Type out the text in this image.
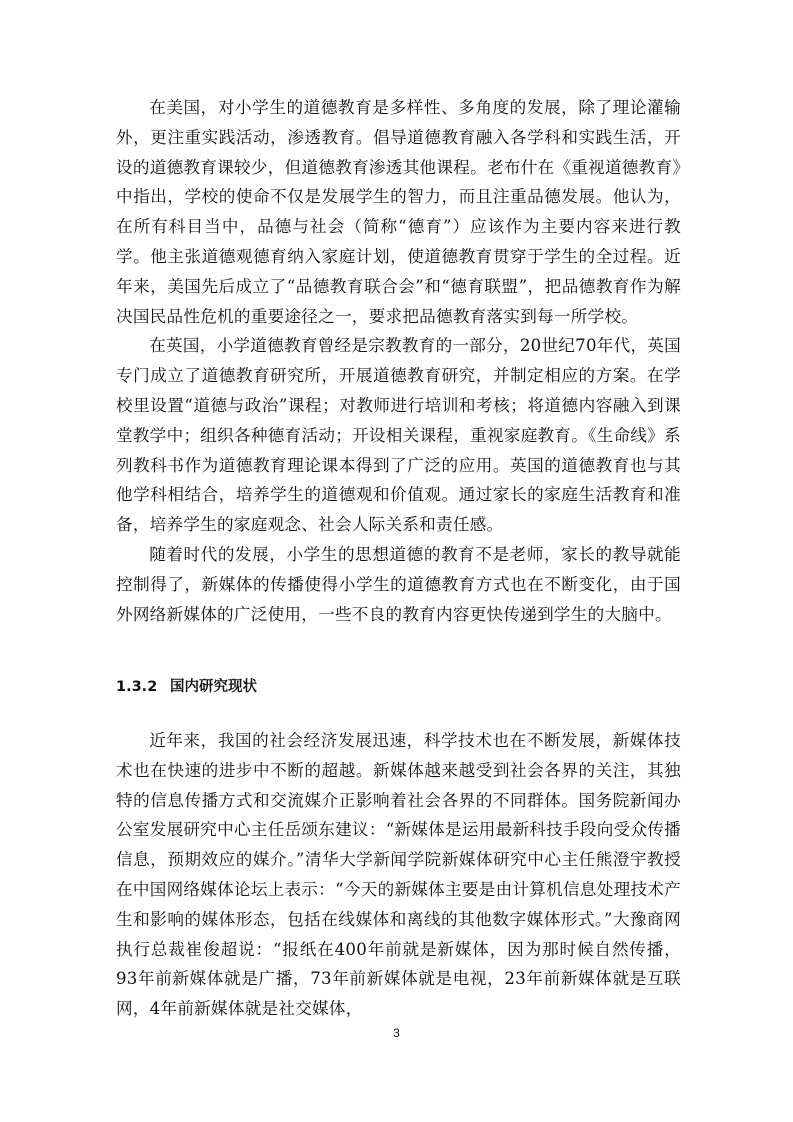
在美国，对小学生的道德教育是多样性、多角度的发展，除了理论灌输外，更注重实践活动，渗透教育。倡导道德教育融入各学科和实践生活，开设的道德教育课较少，但道德教育渗透其他课程。老布什在《重视道德教育》中指出，学校的使命不仅是发展学生的智力，而且注重品德发展。他认为，在所有科目当中，品德与社会（简称“德育”）应该作为主要内容来进行教学。他主张道德观德育纳入家庭计划，使道德教育贯穿于学生的全过程。近年来，美国先后成立了“品德教育联合会”和“德育联盟”，把品德教育作为解决国民品性危机的重要途径之一，要求把品德教育落实到每一所学校。

在英国，小学道德教育曾经是宗教教育的一部分，20世纪70年代，英国专门成立了道德教育研究所，开展道德教育研究，并制定相应的方案。在学校里设置“道德与政治”课程；对教师进行培训和考核；将道德内容融入到课堂教学中；组织各种德育活动；开设相关课程，重视家庭教育。《生命线》系列教科书作为道德教育理论课本得到了广泛的应用。英国的道德教育也与其他学科相结合，培养学生的道德观和价值观。通过家长的家庭生活教育和准备，培养学生的家庭观念、社会人际关系和责任感。

随着时代的发展，小学生的思想道德的教育不是老师，家长的教导就能控制得了，新媒体的传播使得小学生的道德教育方式也在不断变化，由于国外网络新媒体的广泛使用，一些不良的教育内容更快传递到学生的大脑中。

1.3.2 国内研究现状

近年来，我国的社会经济发展迅速，科学技术也在不断发展，新媒体技术也在快速的进步中不断的超越。新媒体越来越受到社会各界的关注，其独特的信息传播方式和交流媒介正影响着社会各界的不同群体。国务院新闻办公室发展研究中心主任岳颂东建议：“新媒体是运用最新科技手段向受众传播信息，预期效应的媒介。”清华大学新闻学院新媒体研究中心主任熊澄宇教授在中国网络媒体论坛上表示：“今天的新媒体主要是由计算机信息处理技术产生和影响的媒体形态，包括在线媒体和离线的其他数字媒体形式。”大豫商网执行总裁崔俊超说：“报纸在400年前就是新媒体，因为那时候自然传播，93年前新媒体就是广播，73年前新媒体就是电视，23年前新媒体就是互联网，4年前新媒体就是社交媒体，

3
